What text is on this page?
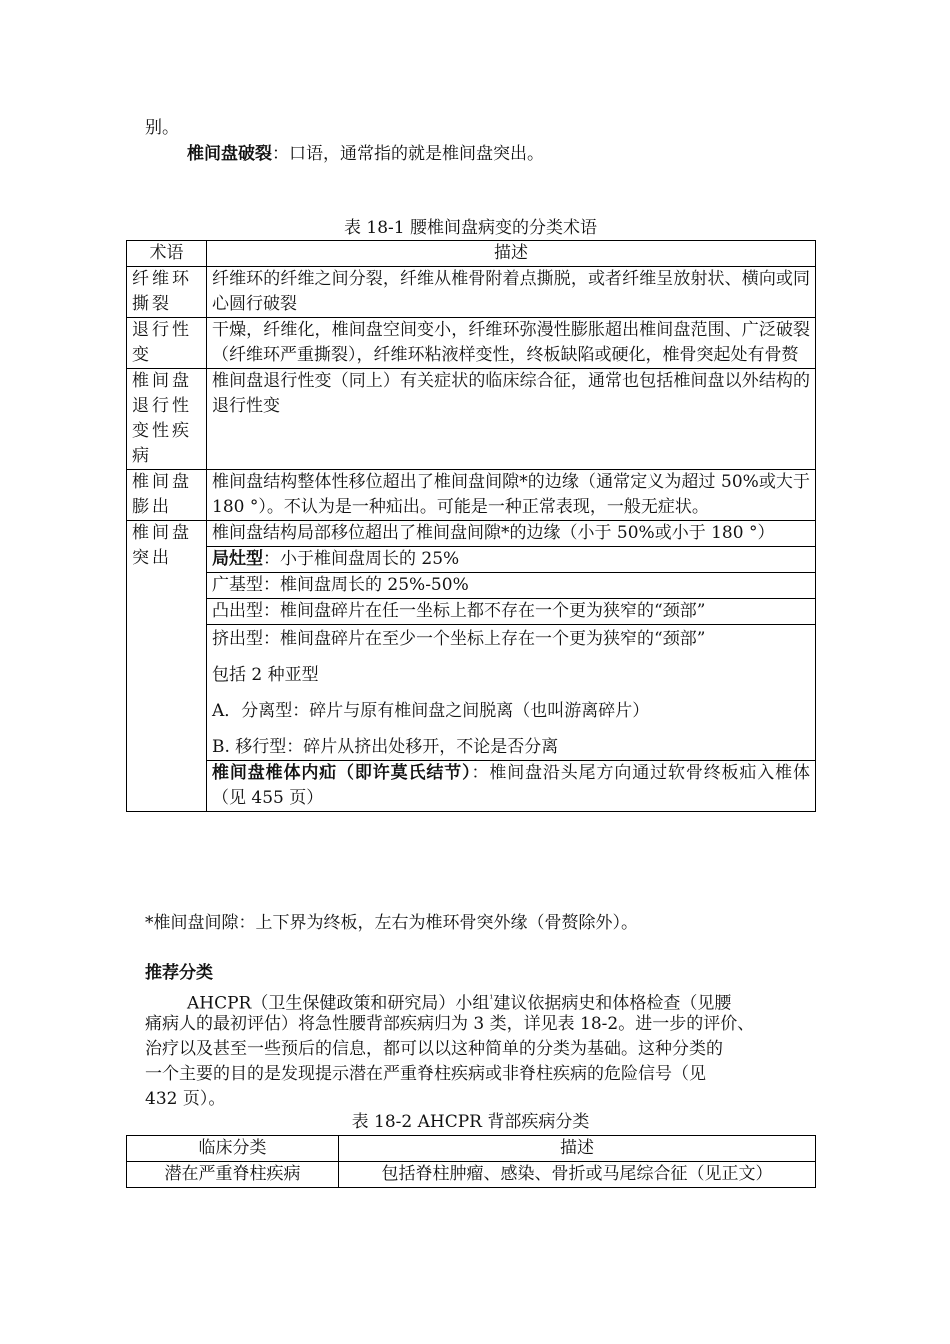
别。
椎间盘破裂：口语，通常指的就是椎间盘突出。
表 18-1 腰椎间盘病变的分类术语
术语	描述
纤维环撕裂	纤维环的纤维之间分裂，纤维从椎骨附着点撕脱，或者纤维呈放射状、横向或同心圆行破裂
退行性变	干燥，纤维化，椎间盘空间变小，纤维环弥漫性膨胀超出椎间盘范围、广泛破裂（纤维环严重撕裂），纤维环粘液样变性，终板缺陷或硬化，椎骨突起处有骨赘
椎间盘退行性变性疾病	椎间盘退行性变（同上）有关症状的临床综合征，通常也包括椎间盘以外结构的退行性变
椎间盘膨出	椎间盘结构整体性移位超出了椎间盘间隙*的边缘（通常定义为超过 50%或大于 180 °）。不认为是一种疝出。可能是一种正常表现，一般无症状。
椎间盘突出	椎间盘结构局部移位超出了椎间盘间隙*的边缘（小于 50%或小于 180 °）
	局灶型：小于椎间盘周长的 25%
	广基型：椎间盘周长的 25%-50%
	凸出型：椎间盘碎片在任一坐标上都不存在一个更为狭窄的“颈部”

	挤出型：椎间盘碎片在至少一个坐标上存在一个更为狭窄的“颈部”
包括 2 种亚型
A．分离型：碎片与原有椎间盘之间脱离（也叫游离碎片）
B. 移行型：碎片从挤出处移开，不论是否分离

	椎间盘椎体内疝（即许莫氏结节）：椎间盘沿头尾方向通过软骨终板疝入椎体（见 455 页）
*椎间盘间隙：上下界为终板，左右为椎环骨突外缘（骨赘除外）。
推荐分类
AHCPR（卫生保健政策和研究局）小组$^{^1}$建议依据病史和体格检查（见腰
痛病人的最初评估）将急性腰背部疾病归为 3 类，详见表 18-2。进一步的评价、
治疗以及甚至一些预后的信息，都可以以这种简单的分类为基础。这种分类的
一个主要的目的是发现提示潜在严重脊柱疾病或非脊柱疾病的危险信号（见
432 页）。
表 18-2 AHCPR 背部疾病分类
临床分类	描述
潜在严重脊柱疾病	包括脊柱肿瘤、感染、骨折或马尾综合征（见正文）
